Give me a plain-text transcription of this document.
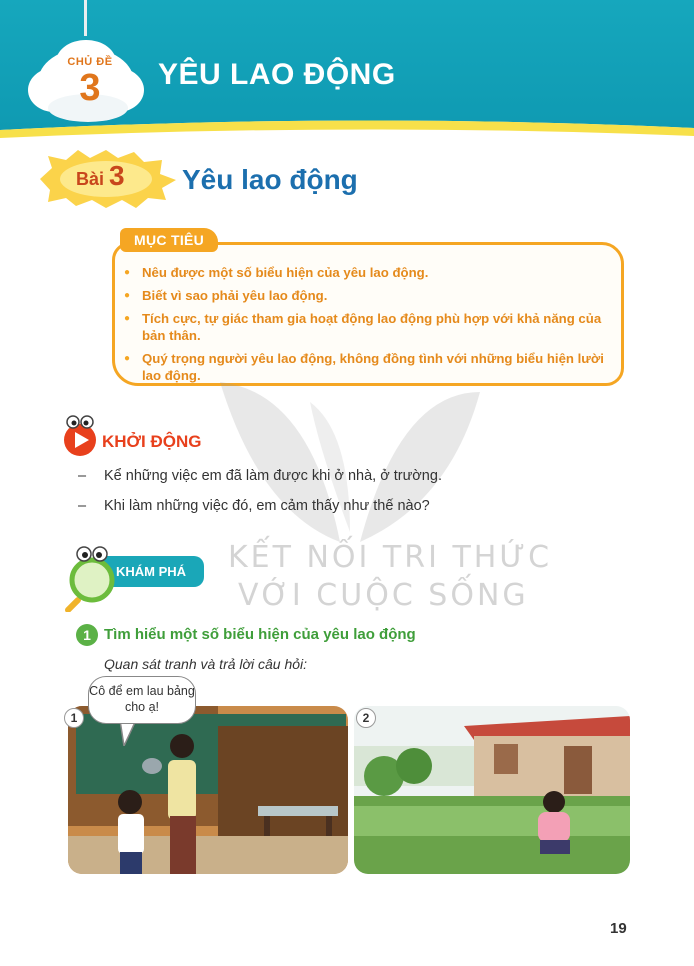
CHỦ ĐỀ
3	YÊU LAO ĐỘNG
Bài 3 Yêu lao động
MỤC TIÊU
● Nêu được một số biểu hiện của yêu lao động.
● Biết vì sao phải yêu lao động.
● Tích cực, tự giác tham gia hoạt động lao động phù hợp với khả năng của bản thân.
● Quý trọng người yêu lao động, không đồng tình với những biểu hiện lười lao động.
KẾT NỐI TRI THỨC
VỚI CUỘC SỐNG
KHỞI ĐỘNG
– Kể những việc em đã làm được khi ở nhà, ở trường.
– Khi làm những việc đó, em cảm thấy như thế nào?
KHÁM PHÁ
1 Tìm hiểu một số biểu hiện của yêu lao động
Quan sát tranh và trả lời câu hỏi:
1
Cô để em lau bảng cho ạ!
2
19
